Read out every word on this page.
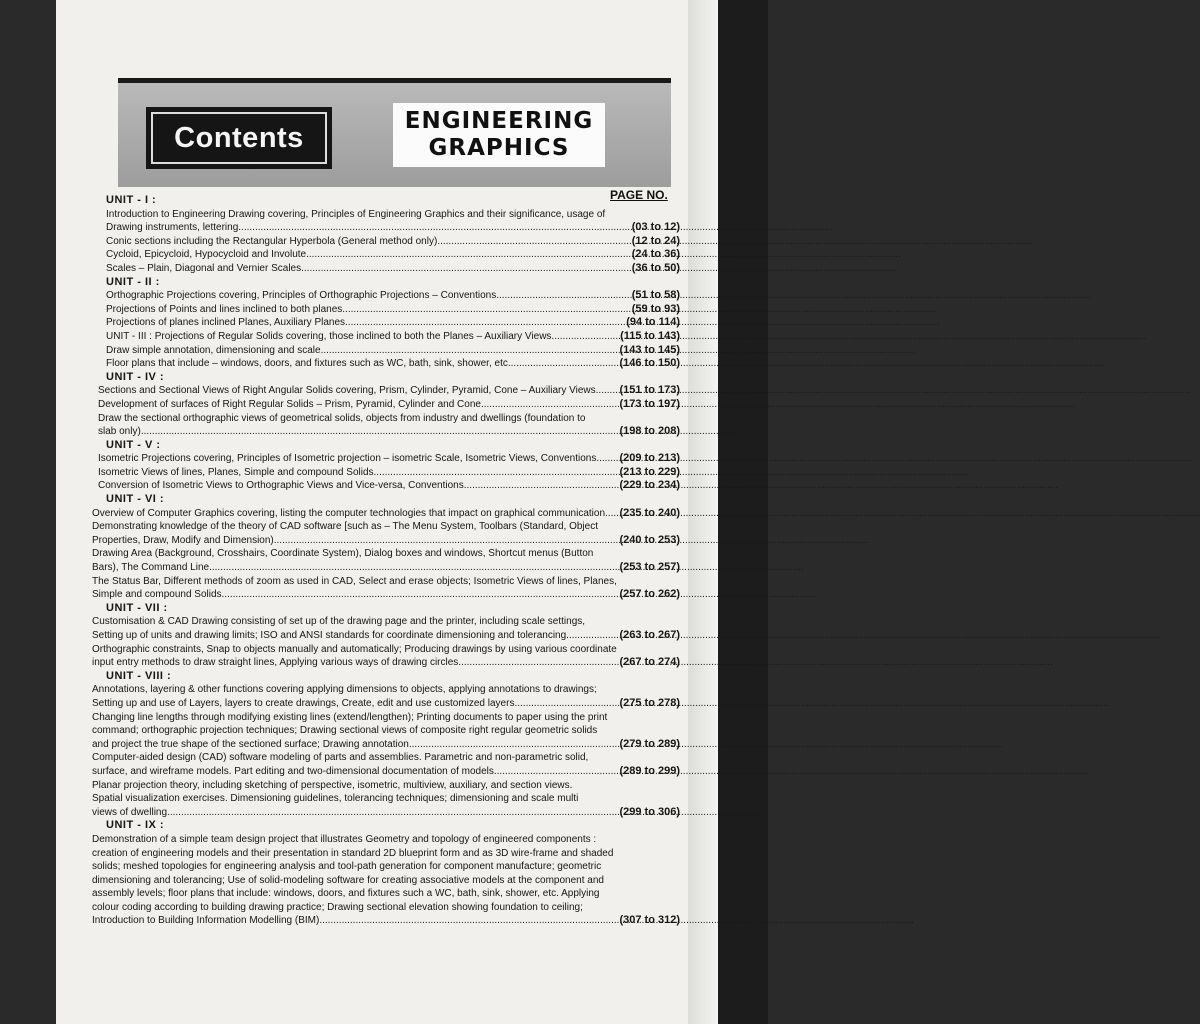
Contents
ENGINEERING
GRAPHICS
PAGE NO.
UNIT - I :
Introduction to Engineering Drawing covering, Principles of Engineering Graphics and their significance, usage of
Drawing instruments, lettering .....	(03 to 12)
Conic sections including the Rectangular Hyperbola (General method only) .....	(12 to 24)
Cycloid, Epicycloid, Hypocycloid and Involute .....	(24 to 36)
Scales – Plain, Diagonal and Vernier Scales .....	(36 to 50)
UNIT - II :
Orthographic Projections covering, Principles of Orthographic Projections – Conventions .....	(51 to 58)
Projections of Points and lines inclined to both planes .....	(59 to 93)
Projections of planes inclined Planes, Auxiliary Planes .....	(94 to 114)
UNIT - III : Projections of Regular Solids covering, those inclined to both the Planes – Auxiliary Views .....	(115 to 143)
Draw simple annotation, dimensioning and scale .....	(143 to 145)
Floor plans that include – windows, doors, and fixtures such as WC, bath, sink, shower, etc. .....	(146 to 150)
UNIT - IV :
Sections and Sectional Views of Right Angular Solids covering, Prism, Cylinder, Pyramid, Cone – Auxiliary Views ..... (151 to 173)
Development of surfaces of Right Regular Solids – Prism, Pyramid, Cylinder and Cone .....	(173 to 197)
Draw the sectional orthographic views of geometrical solids, objects from industry and dwellings (foundation to
slab only) .....	(198 to 208)
UNIT - V :
Isometric Projections covering, Principles of Isometric projection – isometric Scale, Isometric Views, Conventions ..... (209 to 213)
Isometric Views of lines, Planes, Simple and compound Solids .....	(213 to 229)
Conversion of Isometric Views to Orthographic Views and Vice-versa, Conventions .....	(229 to 234)
UNIT - VI :
Overview of Computer Graphics covering, listing the computer technologies that impact on graphical communication ..... (235 to 240)
Demonstrating knowledge of the theory of CAD software [such as – The Menu System, Toolbars (Standard, Object
Properties, Draw, Modify and Dimension) .....	(240 to 253)
Drawing Area (Background, Crosshairs, Coordinate System), Dialog boxes and windows, Shortcut menus (Button
Bars), The Command Line .....	(253 to 257)
The Status Bar, Different methods of zoom as used in CAD, Select and erase objects; Isometric Views of lines, Planes,
Simple and compound Solids .....	(257 to 262)
UNIT - VII :
Customisation & CAD Drawing consisting of set up of the drawing page and the printer, including scale settings,
Setting up of units and drawing limits; ISO and ANSI standards for coordinate dimensioning and tolerancing .....	(263 to 267)
Orthographic constraints, Snap to objects manually and automatically; Producing drawings by using various coordinate
input entry methods to draw straight lines, Applying various ways of drawing circles .....	(267 to 274)
UNIT - VIII :
Annotations, layering & other functions covering applying dimensions to objects, applying annotations to drawings;
Setting up and use of Layers, layers to create drawings, Create, edit and use customized layers .....	(275 to 278)
Changing line lengths through modifying existing lines (extend/lengthen); Printing documents to paper using the print
command; orthographic projection techniques; Drawing sectional views of composite right regular geometric solids
and project the true shape of the sectioned surface; Drawing annotation .....	(279 to 289)
Computer-aided design (CAD) software modeling of parts and assemblies. Parametric and non-parametric solid,
surface, and wireframe models. Part editing and two-dimensional documentation of models .....	(289 to 299)
Planar projection theory, including sketching of perspective, isometric, multiview, auxiliary, and section views.
Spatial visualization exercises. Dimensioning guidelines, tolerancing techniques; dimensioning and scale multi
views of dwelling .....	(299 to 306)
UNIT - IX :
Demonstration of a simple team design project that illustrates Geometry and topology of engineered components :
creation of engineering models and their presentation in standard 2D blueprint form and as 3D wire-frame and shaded
solids; meshed topologies for engineering analysis and tool-path generation for component manufacture; geometric
dimensioning and tolerancing; Use of solid-modeling software for creating associative models at the component and
assembly levels; floor plans that include: windows, doors, and fixtures such a WC, bath, sink, shower, etc. Applying
colour coding according to building drawing practice; Drawing sectional elevation showing foundation to ceiling;
Introduction to Building Information Modelling (BIM) .....	(307 to 312)
